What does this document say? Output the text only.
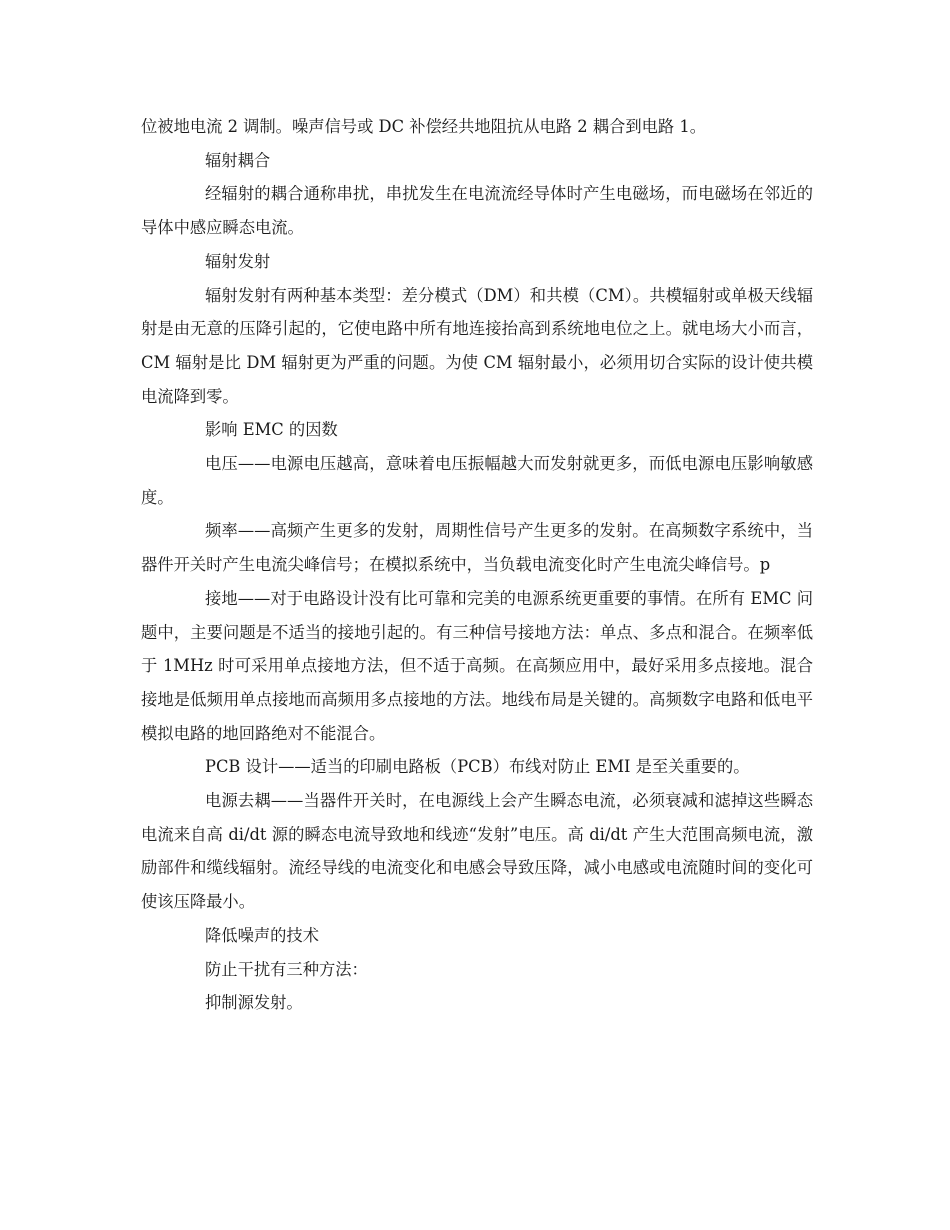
位被地电流 2 调制。噪声信号或 DC 补偿经共地阻抗从电路 2 耦合到电路 1。

辐射耦合

经辐射的耦合通称串扰，串扰发生在电流流经导体时产生电磁场，而电磁场在邻近的导体中感应瞬态电流。

辐射发射

辐射发射有两种基本类型：差分模式（DM）和共模（CM）。共模辐射或单极天线辐射是由无意的压降引起的，它使电路中所有地连接抬高到系统地电位之上。就电场大小而言，CM 辐射是比 DM 辐射更为严重的问题。为使 CM 辐射最小，必须用切合实际的设计使共模电流降到零。

影响 EMC 的因数

电压——电源电压越高，意味着电压振幅越大而发射就更多，而低电源电压影响敏感度。

频率——高频产生更多的发射，周期性信号产生更多的发射。在高频数字系统中，当器件开关时产生电流尖峰信号；在模拟系统中，当负载电流变化时产生电流尖峰信号。p

接地——对于电路设计没有比可靠和完美的电源系统更重要的事情。在所有 EMC 问题中，主要问题是不适当的接地引起的。有三种信号接地方法：单点、多点和混合。在频率低于 1MHz 时可采用单点接地方法，但不适于高频。在高频应用中，最好采用多点接地。混合接地是低频用单点接地而高频用多点接地的方法。地线布局是关键的。高频数字电路和低电平模拟电路的地回路绝对不能混合。

PCB 设计——适当的印刷电路板（PCB）布线对防止 EMI 是至关重要的。

电源去耦——当器件开关时，在电源线上会产生瞬态电流，必须衰减和滤掉这些瞬态电流来自高 di/dt 源的瞬态电流导致地和线迹“发射”电压。高 di/dt 产生大范围高频电流，激励部件和缆线辐射。流经导线的电流变化和电感会导致压降，减小电感或电流随时间的变化可使该压降最小。

降低噪声的技术

防止干扰有三种方法：

抑制源发射。
